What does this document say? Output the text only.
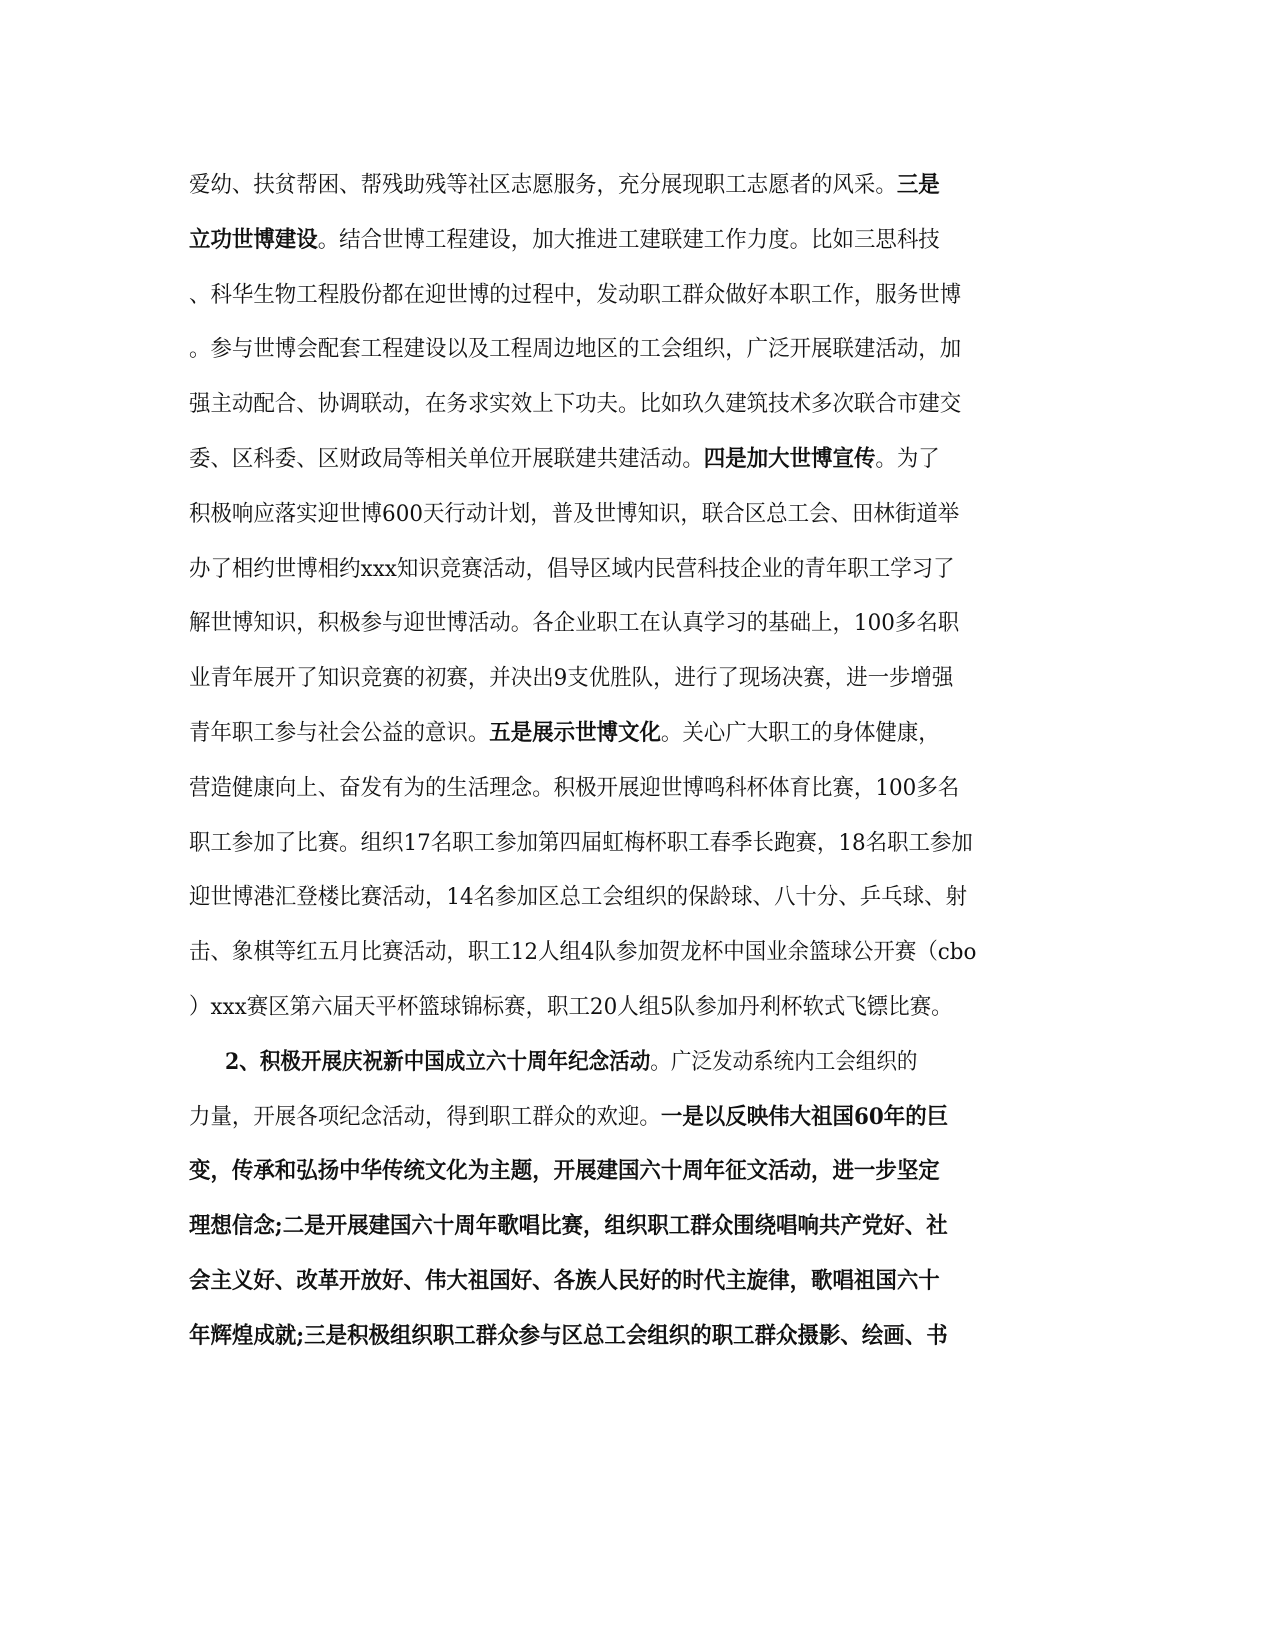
爱幼、扶贫帮困、帮残助残等社区志愿服务，充分展现职工志愿者的风采。三是
立功世博建设。结合世博工程建设，加大推进工建联建工作力度。比如三思科技
、科华生物工程股份都在迎世博的过程中，发动职工群众做好本职工作，服务世博
。参与世博会配套工程建设以及工程周边地区的工会组织，广泛开展联建活动，加
强主动配合、协调联动，在务求实效上下功夫。比如玖久建筑技术多次联合市建交
委、区科委、区财政局等相关单位开展联建共建活动。四是加大世博宣传。为了
积极响应落实迎世博600天行动计划，普及世博知识，联合区总工会、田林街道举
办了相约世博相约xxx知识竞赛活动，倡导区域内民营科技企业的青年职工学习了
解世博知识，积极参与迎世博活动。各企业职工在认真学习的基础上，100多名职
业青年展开了知识竞赛的初赛，并决出9支优胜队，进行了现场决赛，进一步增强
青年职工参与社会公益的意识。五是展示世博文化。关心广大职工的身体健康，
营造健康向上、奋发有为的生活理念。积极开展迎世博鸣科杯体育比赛，100多名
职工参加了比赛。组织17名职工参加第四届虹梅杯职工春季长跑赛，18名职工参加
迎世博港汇登楼比赛活动，14名参加区总工会组织的保龄球、八十分、乒乓球、射
击、象棋等红五月比赛活动，职工12人组4队参加贺龙杯中国业余篮球公开赛（cbo
）xxx赛区第六届天平杯篮球锦标赛，职工20人组5队参加丹利杯软式飞镖比赛。
2、积极开展庆祝新中国成立六十周年纪念活动。广泛发动系统内工会组织的
力量，开展各项纪念活动，得到职工群众的欢迎。一是以反映伟大祖国60年的巨
变，传承和弘扬中华传统文化为主题，开展建国六十周年征文活动，进一步坚定
理想信念;二是开展建国六十周年歌唱比赛，组织职工群众围绕唱响共产党好、社
会主义好、改革开放好、伟大祖国好、各族人民好的时代主旋律，歌唱祖国六十
年辉煌成就;三是积极组织职工群众参与区总工会组织的职工群众摄影、绘画、书
